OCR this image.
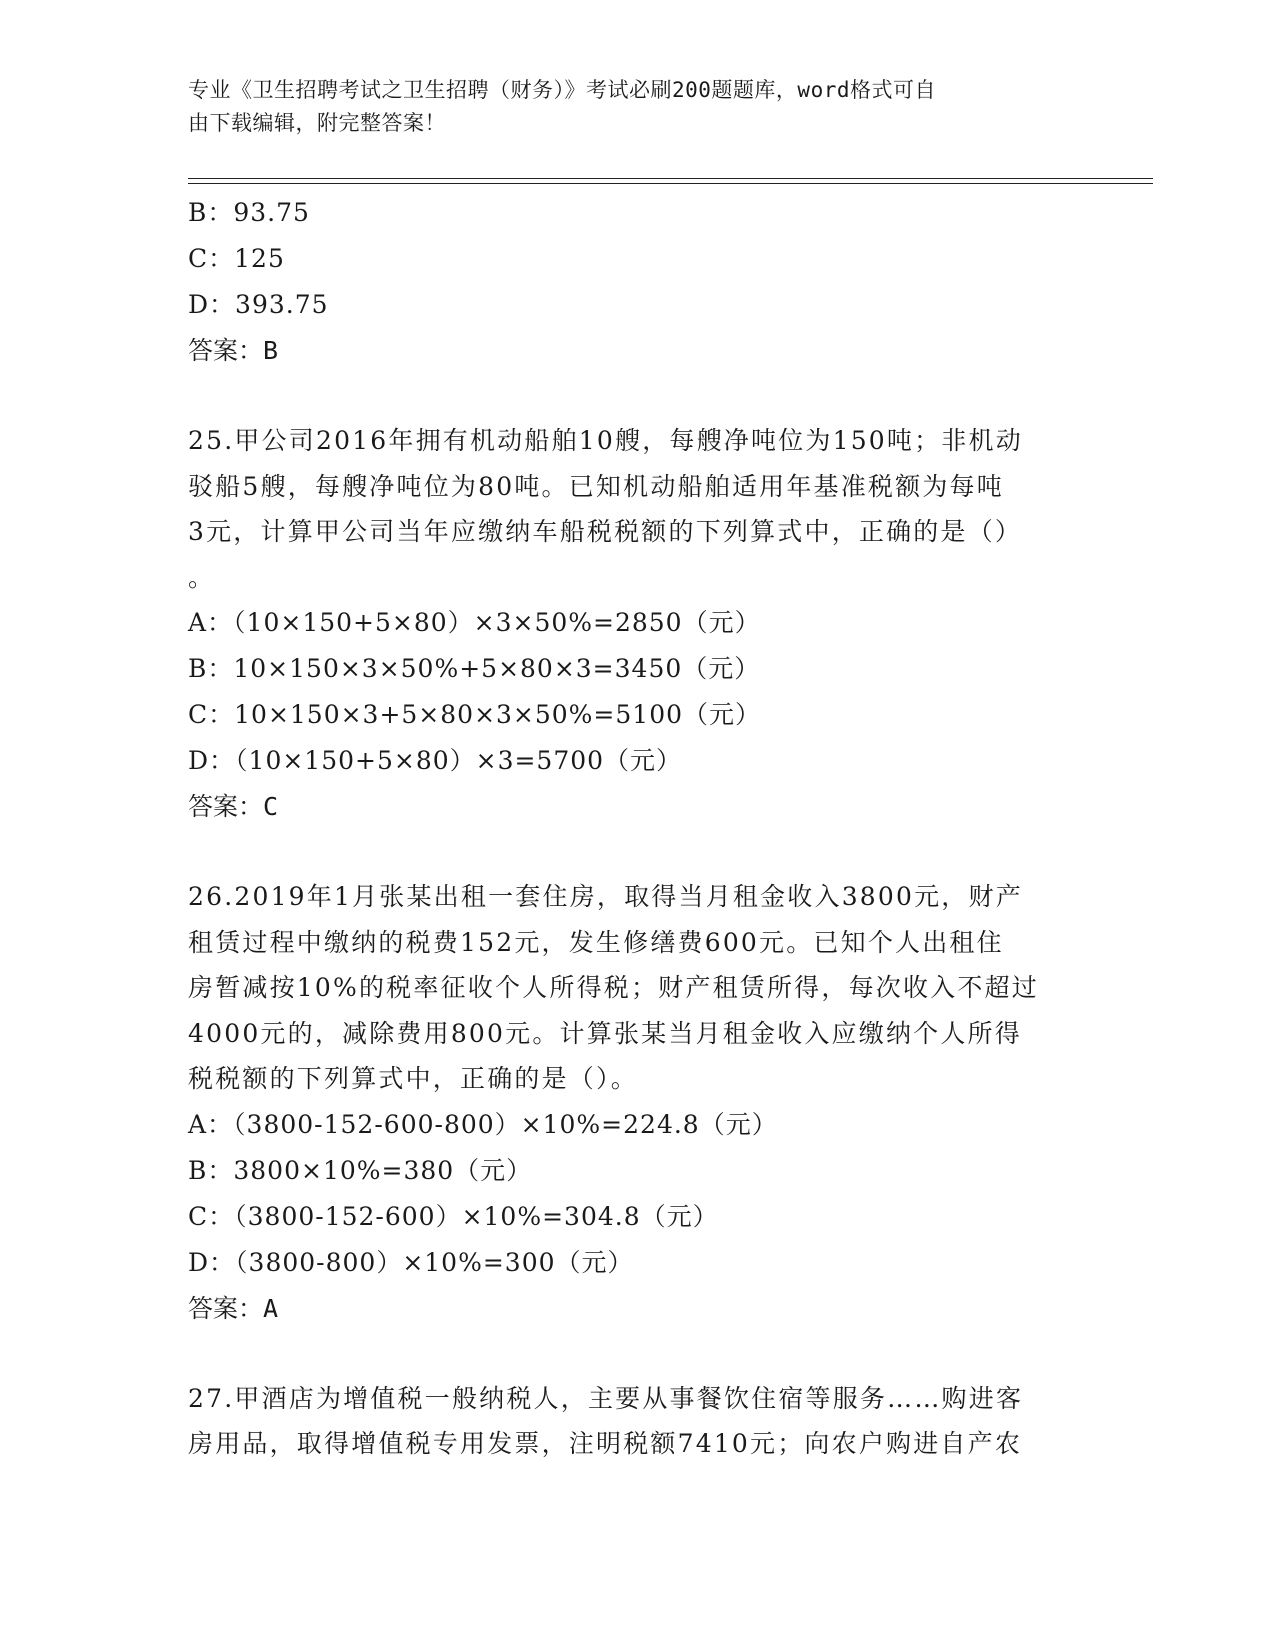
专业《卫生招聘考试之卫生招聘（财务）》考试必刷200题题库，word格式可自
由下载编辑，附完整答案！
B：93.75
C：125
D：393.75
答案：B
25.甲公司2016年拥有机动船舶10艘，每艘净吨位为150吨；非机动
驳船5艘，每艘净吨位为80吨。已知机动船舶适用年基准税额为每吨
3元，计算甲公司当年应缴纳车船税税额的下列算式中，正确的是（）
。
A：（10×150+5×80）×3×50%=2850（元）
B：10×150×3×50%+5×80×3=3450（元）
C：10×150×3+5×80×3×50%=5100（元）
D：（10×150+5×80）×3=5700（元）
答案：C
26.2019年1月张某出租一套住房，取得当月租金收入3800元，财产
租赁过程中缴纳的税费152元，发生修缮费600元。已知个人出租住
房暂减按10%的税率征收个人所得税；财产租赁所得，每次收入不超过
4000元的，减除费用800元。计算张某当月租金收入应缴纳个人所得
税税额的下列算式中，正确的是（）。
A：（3800-152-600-800）×10%=224.8（元）
B：3800×10%=380（元）
C：（3800-152-600）×10%=304.8（元）
D：（3800-800）×10%=300（元）
答案：A
27.甲酒店为增值税一般纳税人，主要从事餐饮住宿等服务……购进客
房用品，取得增值税专用发票，注明税额7410元；向农户购进自产农
